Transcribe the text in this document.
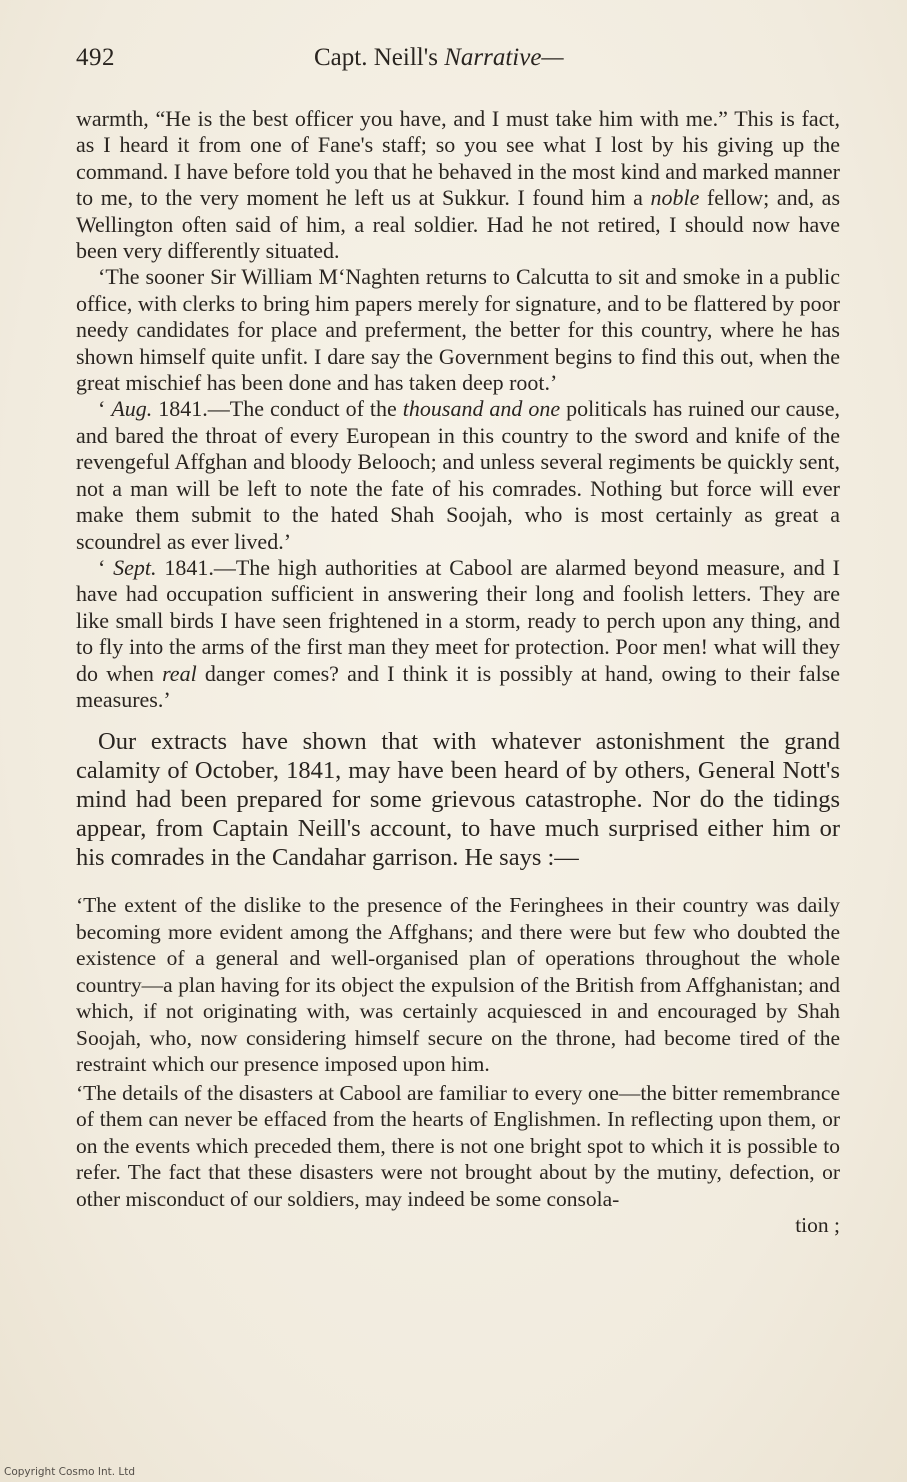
492	Capt. Neill's Narrative—

warmth, “He is the best officer you have, and I must take him with me.” This is fact, as I heard it from one of Fane's staff; so you see what I lost by his giving up the command. I have before told you that he behaved in the most kind and marked manner to me, to the very moment he left us at Sukkur. I found him a noble fellow; and, as Wellington often said of him, a real soldier. Had he not retired, I should now have been very differently situated.

‘The sooner Sir William M‘Naghten returns to Calcutta to sit and smoke in a public office, with clerks to bring him papers merely for signature, and to be flattered by poor needy candidates for place and preferment, the better for this country, where he has shown himself quite unfit. I dare say the Government begins to find this out, when the great mischief has been done and has taken deep root.’

‘ Aug. 1841.—The conduct of the thousand and one politicals has ruined our cause, and bared the throat of every European in this country to the sword and knife of the revengeful Affghan and bloody Belooch; and unless several regiments be quickly sent, not a man will be left to note the fate of his comrades. Nothing but force will ever make them submit to the hated Shah Soojah, who is most certainly as great a scoundrel as ever lived.’

‘ Sept. 1841.—The high authorities at Cabool are alarmed beyond measure, and I have had occupation sufficient in answering their long and foolish letters. They are like small birds I have seen frightened in a storm, ready to perch upon any thing, and to fly into the arms of the first man they meet for protection. Poor men! what will they do when real danger comes? and I think it is possibly at hand, owing to their false measures.’

Our extracts have shown that with whatever astonishment the grand calamity of October, 1841, may have been heard of by others, General Nott's mind had been prepared for some grievous catastrophe. Nor do the tidings appear, from Captain Neill's account, to have much surprised either him or his comrades in the Candahar garrison. He says :—

‘The extent of the dislike to the presence of the Feringhees in their country was daily becoming more evident among the Affghans; and there were but few who doubted the existence of a general and well-organised plan of operations throughout the whole country—a plan having for its object the expulsion of the British from Affghanistan; and which, if not originating with, was certainly acquiesced in and encouraged by Shah Soojah, who, now considering himself secure on the throne, had become tired of the restraint which our presence imposed upon him.

‘The details of the disasters at Cabool are familiar to every one—the bitter remembrance of them can never be effaced from the hearts of Englishmen. In reflecting upon them, or on the events which preceded them, there is not one bright spot to which it is possible to refer. The fact that these disasters were not brought about by the mutiny, defection, or other misconduct of our soldiers, may indeed be some consola-

tion ;
Copyright Cosmo Int. Ltd
